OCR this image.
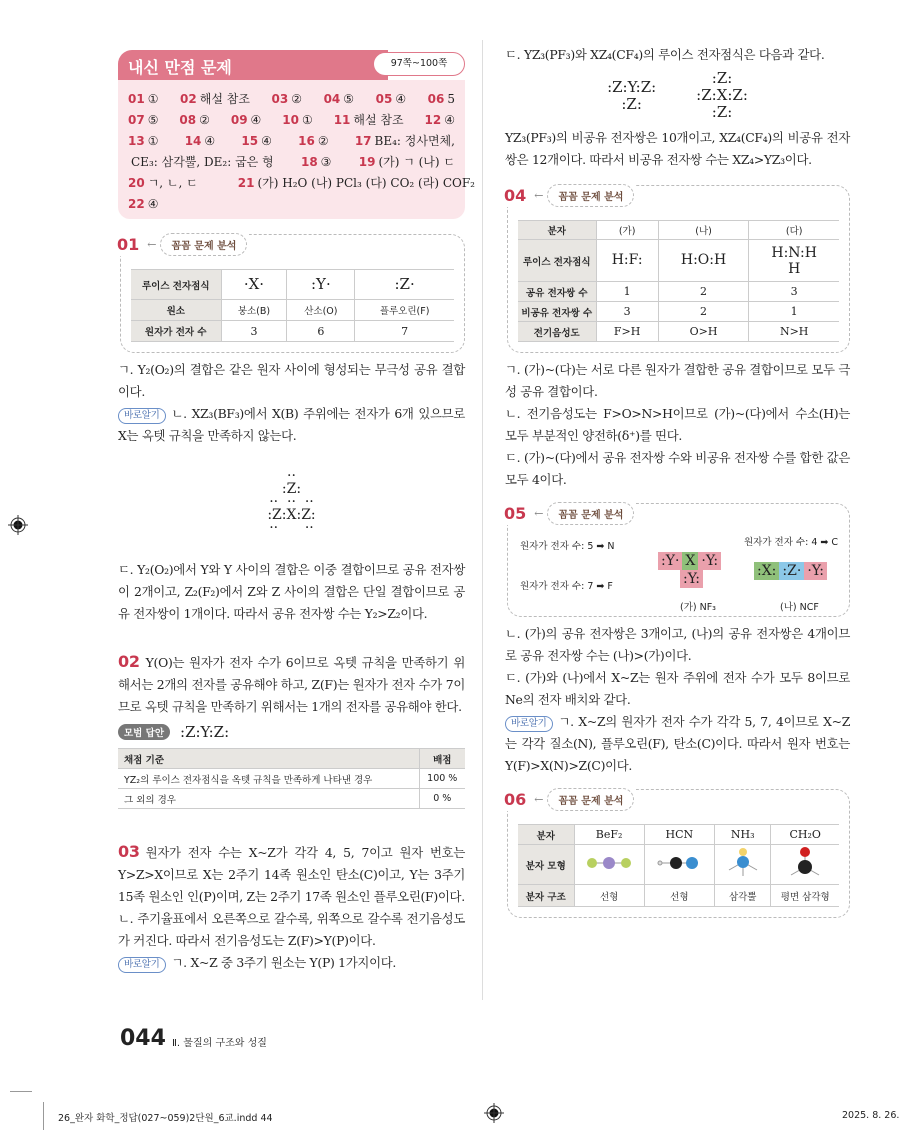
내신 만점 문제	97쪽~100쪽
01 ① 02 해설 참조 03 ② 04 ⑤ 05 ④ 06 5
07 ⑤ 08 ② 09 ④ 10 ① 11 해설 참조 12 ④
13 ① 14 ④ 15 ④ 16 ② 17 BE₄: 정사면체,
CE₃: 삼각뿔, DE₂: 굽은 형 18 ③ 19 (가) ㄱ (나) ㄷ
20 ㄱ, ㄴ, ㄷ	21 (가) H₂O (나) PCl₃ (다) CO₂ (라) COF₂
22 ④
01 ←	꼼꼼 문제 분석
루이스 전자점식	·X·	:Y·	:Z·
원소	붕소(B)	산소(O)	플루오린(F)
원자가 전자 수	3	6	7

ㄱ. Y₂(O₂)의 결합은 같은 원자 사이에 형성되는 무극성 공유 결합이다.

바로알기 ㄴ. XZ₃(BF₃)에서 X(B) 주위에는 전자가 6개 있으므로 X는 옥텟 규칙을 만족하지 않는다.

··
:Z:
··  ··  ··
:Z:X:Z:
··      ··

ㄷ. Y₂(O₂)에서 Y와 Y 사이의 결합은 이중 결합이므로 공유 전자쌍이 2개이고, Z₂(F₂)에서 Z와 Z 사이의 결합은 단일 결합이므로 공유 전자쌍이 1개이다. 따라서 공유 전자쌍 수는 Y₂>Z₂이다.

02 Y(O)는 원자가 전자 수가 6이므로 옥텟 규칙을 만족하기 위해서는 2개의 전자를 공유해야 하고, Z(F)는 원자가 전자 수가 7이므로 옥텟 규칙을 만족하기 위해서는 1개의 전자를 공유해야 한다.

모범 답안	:Z:Y:Z:
채점 기준	배점
YZ₂의 루이스 전자점식을 옥텟 규칙을 만족하게 나타낸 경우	100 %
그 외의 경우	0 %

03 원자가 전자 수는 X~Z가 각각 4, 5, 7이고 원자 번호는 Y>Z>X이므로 X는 2주기 14족 원소인 탄소(C)이고, Y는 3주기 15족 원소인 인(P)이며, Z는 2주기 17족 원소인 플루오린(F)이다.

ㄴ. 주기율표에서 오른쪽으로 갈수록, 위쪽으로 갈수록 전기음성도가 커진다. 따라서 전기음성도는 Z(F)>Y(P)이다.

바로알기 ㄱ. X~Z 중 3주기 원소는 Y(P) 1가지이다.

ㄷ. YZ₃(PF₃)와 XZ₄(CF₄)의 루이스 전자점식은 다음과 같다.

:Z:Y:Z:
:Z:
:Z:
:Z:X:Z:
:Z:

YZ₃(PF₃)의 비공유 전자쌍은 10개이고, XZ₄(CF₄)의 비공유 전자쌍은 12개이다. 따라서 비공유 전자쌍 수는 XZ₄>YZ₃이다.

04 ←	꼼꼼 문제 분석
분자	(가)	(나)	(다)
루이스 전자점식	H:F:	H:O:H	H:N:H
H
공유 전자쌍 수	1	2	3
비공유 전자쌍 수	3	2	1
전기음성도	F>H	O>H	N>H

ㄱ. (가)~(다)는 서로 다른 원자가 결합한 공유 결합이므로 모두 극성 공유 결합이다.

ㄴ. 전기음성도는 F>O>N>H이므로 (가)~(다)에서 수소(H)는 모두 부분적인 양전하(δ⁺)를 띤다.

ㄷ. (가)~(다)에서 공유 전자쌍 수와 비공유 전자쌍 수를 합한 값은 모두 4이다.

05 ←	꼼꼼 문제 분석
원자가 전자 수: 5 ➡ N
원자가 전자 수: 7 ➡ F
원자가 전자 수: 4 ➡ C
:Y· X ·Y:
:Y:	:X: :Z· ·Y:
(가) NF₃	(나) NCF

ㄴ. (가)의 공유 전자쌍은 3개이고, (나)의 공유 전자쌍은 4개이므로 공유 전자쌍 수는 (나)>(가)이다.

ㄷ. (가)와 (나)에서 X~Z는 원자 주위에 전자 수가 모두 8이므로 Ne의 전자 배치와 같다.

바로알기 ㄱ. X~Z의 원자가 전자 수가 각각 5, 7, 4이므로 X~Z는 각각 질소(N), 플루오린(F), 탄소(C)이다. 따라서 원자 번호는 Y(F)>X(N)>Z(C)이다.

06 ←	꼼꼼 문제 분석
분자	BeF₂	HCN	NH₃	CH₂O
분자 모형				
분자 구조	선형	선형	삼각뿔	평면 삼각형
044 Ⅱ. 물질의 구조와 성질
26_완자 화학_정답(027~059)2단원_6교.indd 44	2025. 8. 26.
